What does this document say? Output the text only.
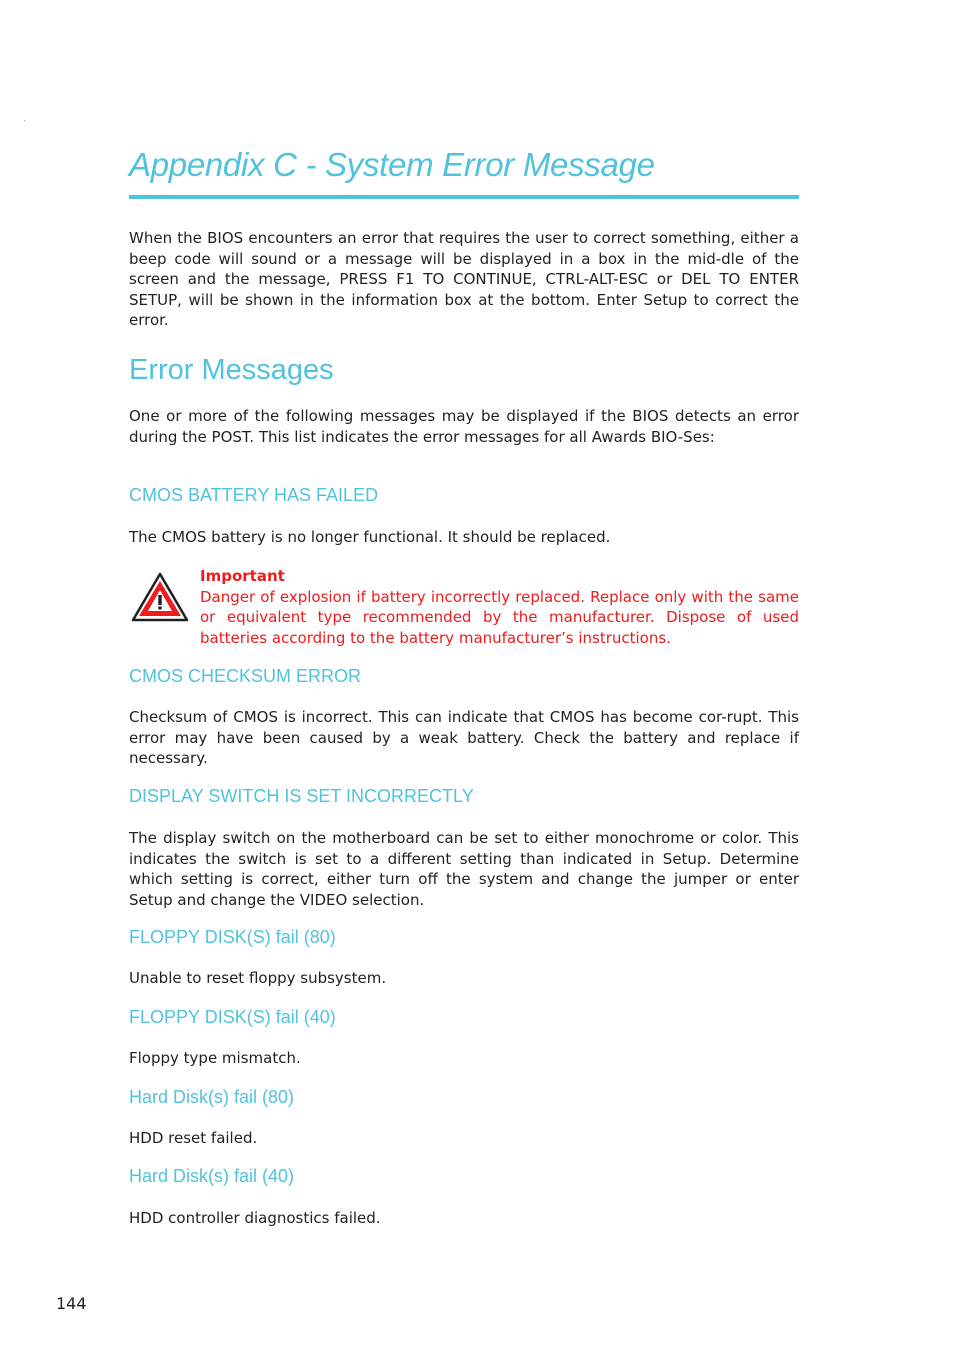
Appendix C - System Error Message

When the BIOS encounters an error that requires the user to correct something, either a beep code will sound or a message will be displayed in a box in the mid-dle of the screen and the message, PRESS F1 TO CONTINUE, CTRL-ALT-ESC or DEL TO ENTER SETUP, will be shown in the information box at the bottom. Enter Setup to correct the error.

Error Messages

One or more of the following messages may be displayed if the BIOS detects an error during the POST. This list indicates the error messages for all Awards BIO-Ses:

CMOS BATTERY HAS FAILED

The CMOS battery is no longer functional. It should be replaced.

Important
Danger of explosion if battery incorrectly replaced. Replace only with the same or equivalent type recommended by the manufacturer. Dispose of used batteries according to the battery manufacturer’s instructions.
CMOS CHECKSUM ERROR

Checksum of CMOS is incorrect. This can indicate that CMOS has become cor-rupt. This error may have been caused by a weak battery. Check the battery and replace if necessary.

DISPLAY SWITCH IS SET INCORRECTLY

The display switch on the motherboard can be set to either monochrome or color. This indicates the switch is set to a different setting than indicated in Setup. Determine which setting is correct, either turn off the system and change the jumper or enter Setup and change the VIDEO selection.

FLOPPY DISK(S) fail (80)

Unable to reset floppy subsystem.

FLOPPY DISK(S) fail (40)

Floppy type mismatch.

Hard Disk(s) fail (80)

HDD reset failed.

Hard Disk(s) fail (40)

HDD controller diagnostics failed.

144
